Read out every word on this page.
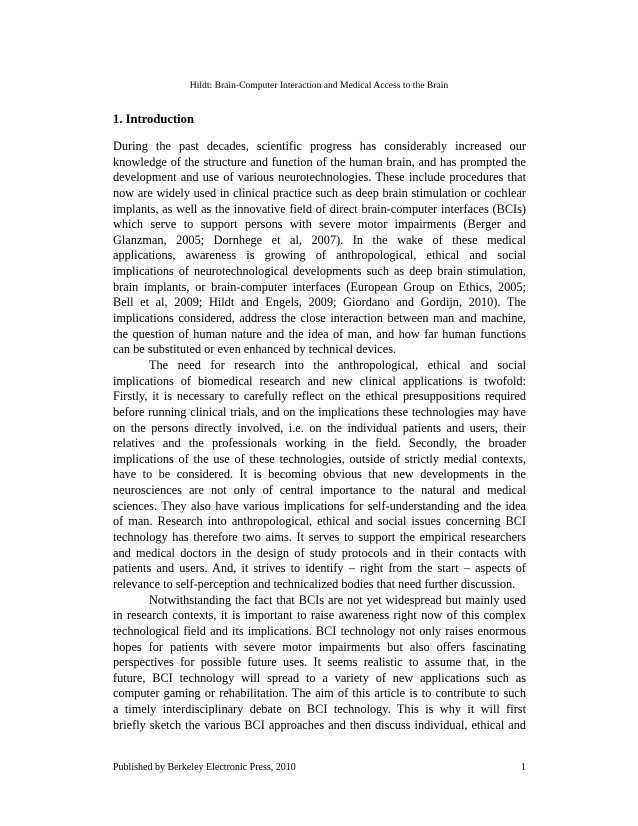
Hildt: Brain-Computer Interaction and Medical Access to the Brain
1. Introduction
During the past decades, scientific progress has considerably increased our
knowledge of the structure and function of the human brain, and has prompted the
development and use of various neurotechnologies. These include procedures that
now are widely used in clinical practice such as deep brain stimulation or cochlear
implants, as well as the innovative field of direct brain-computer interfaces (BCIs)
which serve to support persons with severe motor impairments (Berger and
Glanzman, 2005; Dornhege et al, 2007). In the wake of these medical
applications, awareness is growing of anthropological, ethical and social
implications of neurotechnological developments such as deep brain stimulation,
brain implants, or brain-computer interfaces (European Group on Ethics, 2005;
Bell et al, 2009; Hildt and Engels, 2009; Giordano and Gordijn, 2010). The
implications considered, address the close interaction between man and machine,
the question of human nature and the idea of man, and how far human functions
can be substituted or even enhanced by technical devices.
The need for research into the anthropological, ethical and social
implications of biomedical research and new clinical applications is twofold:
Firstly, it is necessary to carefully reflect on the ethical presuppositions required
before running clinical trials, and on the implications these technologies may have
on the persons directly involved, i.e. on the individual patients and users, their
relatives and the professionals working in the field. Secondly, the broader
implications of the use of these technologies, outside of strictly medial contexts,
have to be considered. It is becoming obvious that new developments in the
neurosciences are not only of central importance to the natural and medical
sciences. They also have various implications for self-understanding and the idea
of man. Research into anthropological, ethical and social issues concerning BCI
technology has therefore two aims. It serves to support the empirical researchers
and medical doctors in the design of study protocols and in their contacts with
patients and users. And, it strives to identify – right from the start – aspects of
relevance to self-perception and technicalized bodies that need further discussion.
Notwithstanding the fact that BCIs are not yet widespread but mainly used
in research contexts, it is important to raise awareness right now of this complex
technological field and its implications. BCI technology not only raises enormous
hopes for patients with severe motor impairments but also offers fascinating
perspectives for possible future uses. It seems realistic to assume that, in the
future, BCI technology will spread to a variety of new applications such as
computer gaming or rehabilitation. The aim of this article is to contribute to such
a timely interdisciplinary debate on BCI technology. This is why it will first
briefly sketch the various BCI approaches and then discuss individual, ethical and
Published by Berkeley Electronic Press, 2010	1
